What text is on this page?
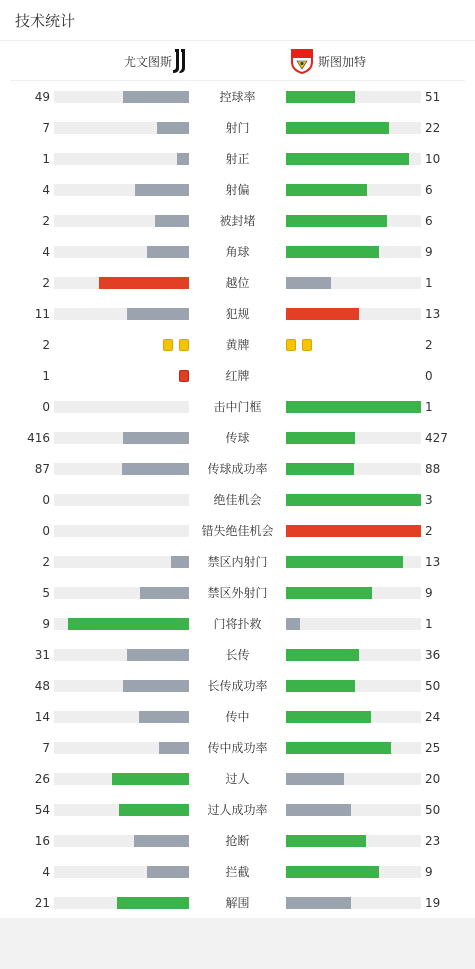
技术统计
尤文图斯	斯图加特
49	控球率	51
7	射门	22
1	射正	10
4	射偏	6
2	被封堵	6
4	角球	9
2	越位	1
11	犯规	13
2	黄牌	2
1	红牌	0
0	击中门框	1
416	传球	427
87	传球成功率	88
0	绝佳机会	3
0	错失绝佳机会	2
2	禁区内射门	13
5	禁区外射门	9
9	门将扑救	1
31	长传	36
48	长传成功率	50
14	传中	24
7	传中成功率	25
26	过人	20
54	过人成功率	50
16	抢断	23
4	拦截	9
21	解围	19
